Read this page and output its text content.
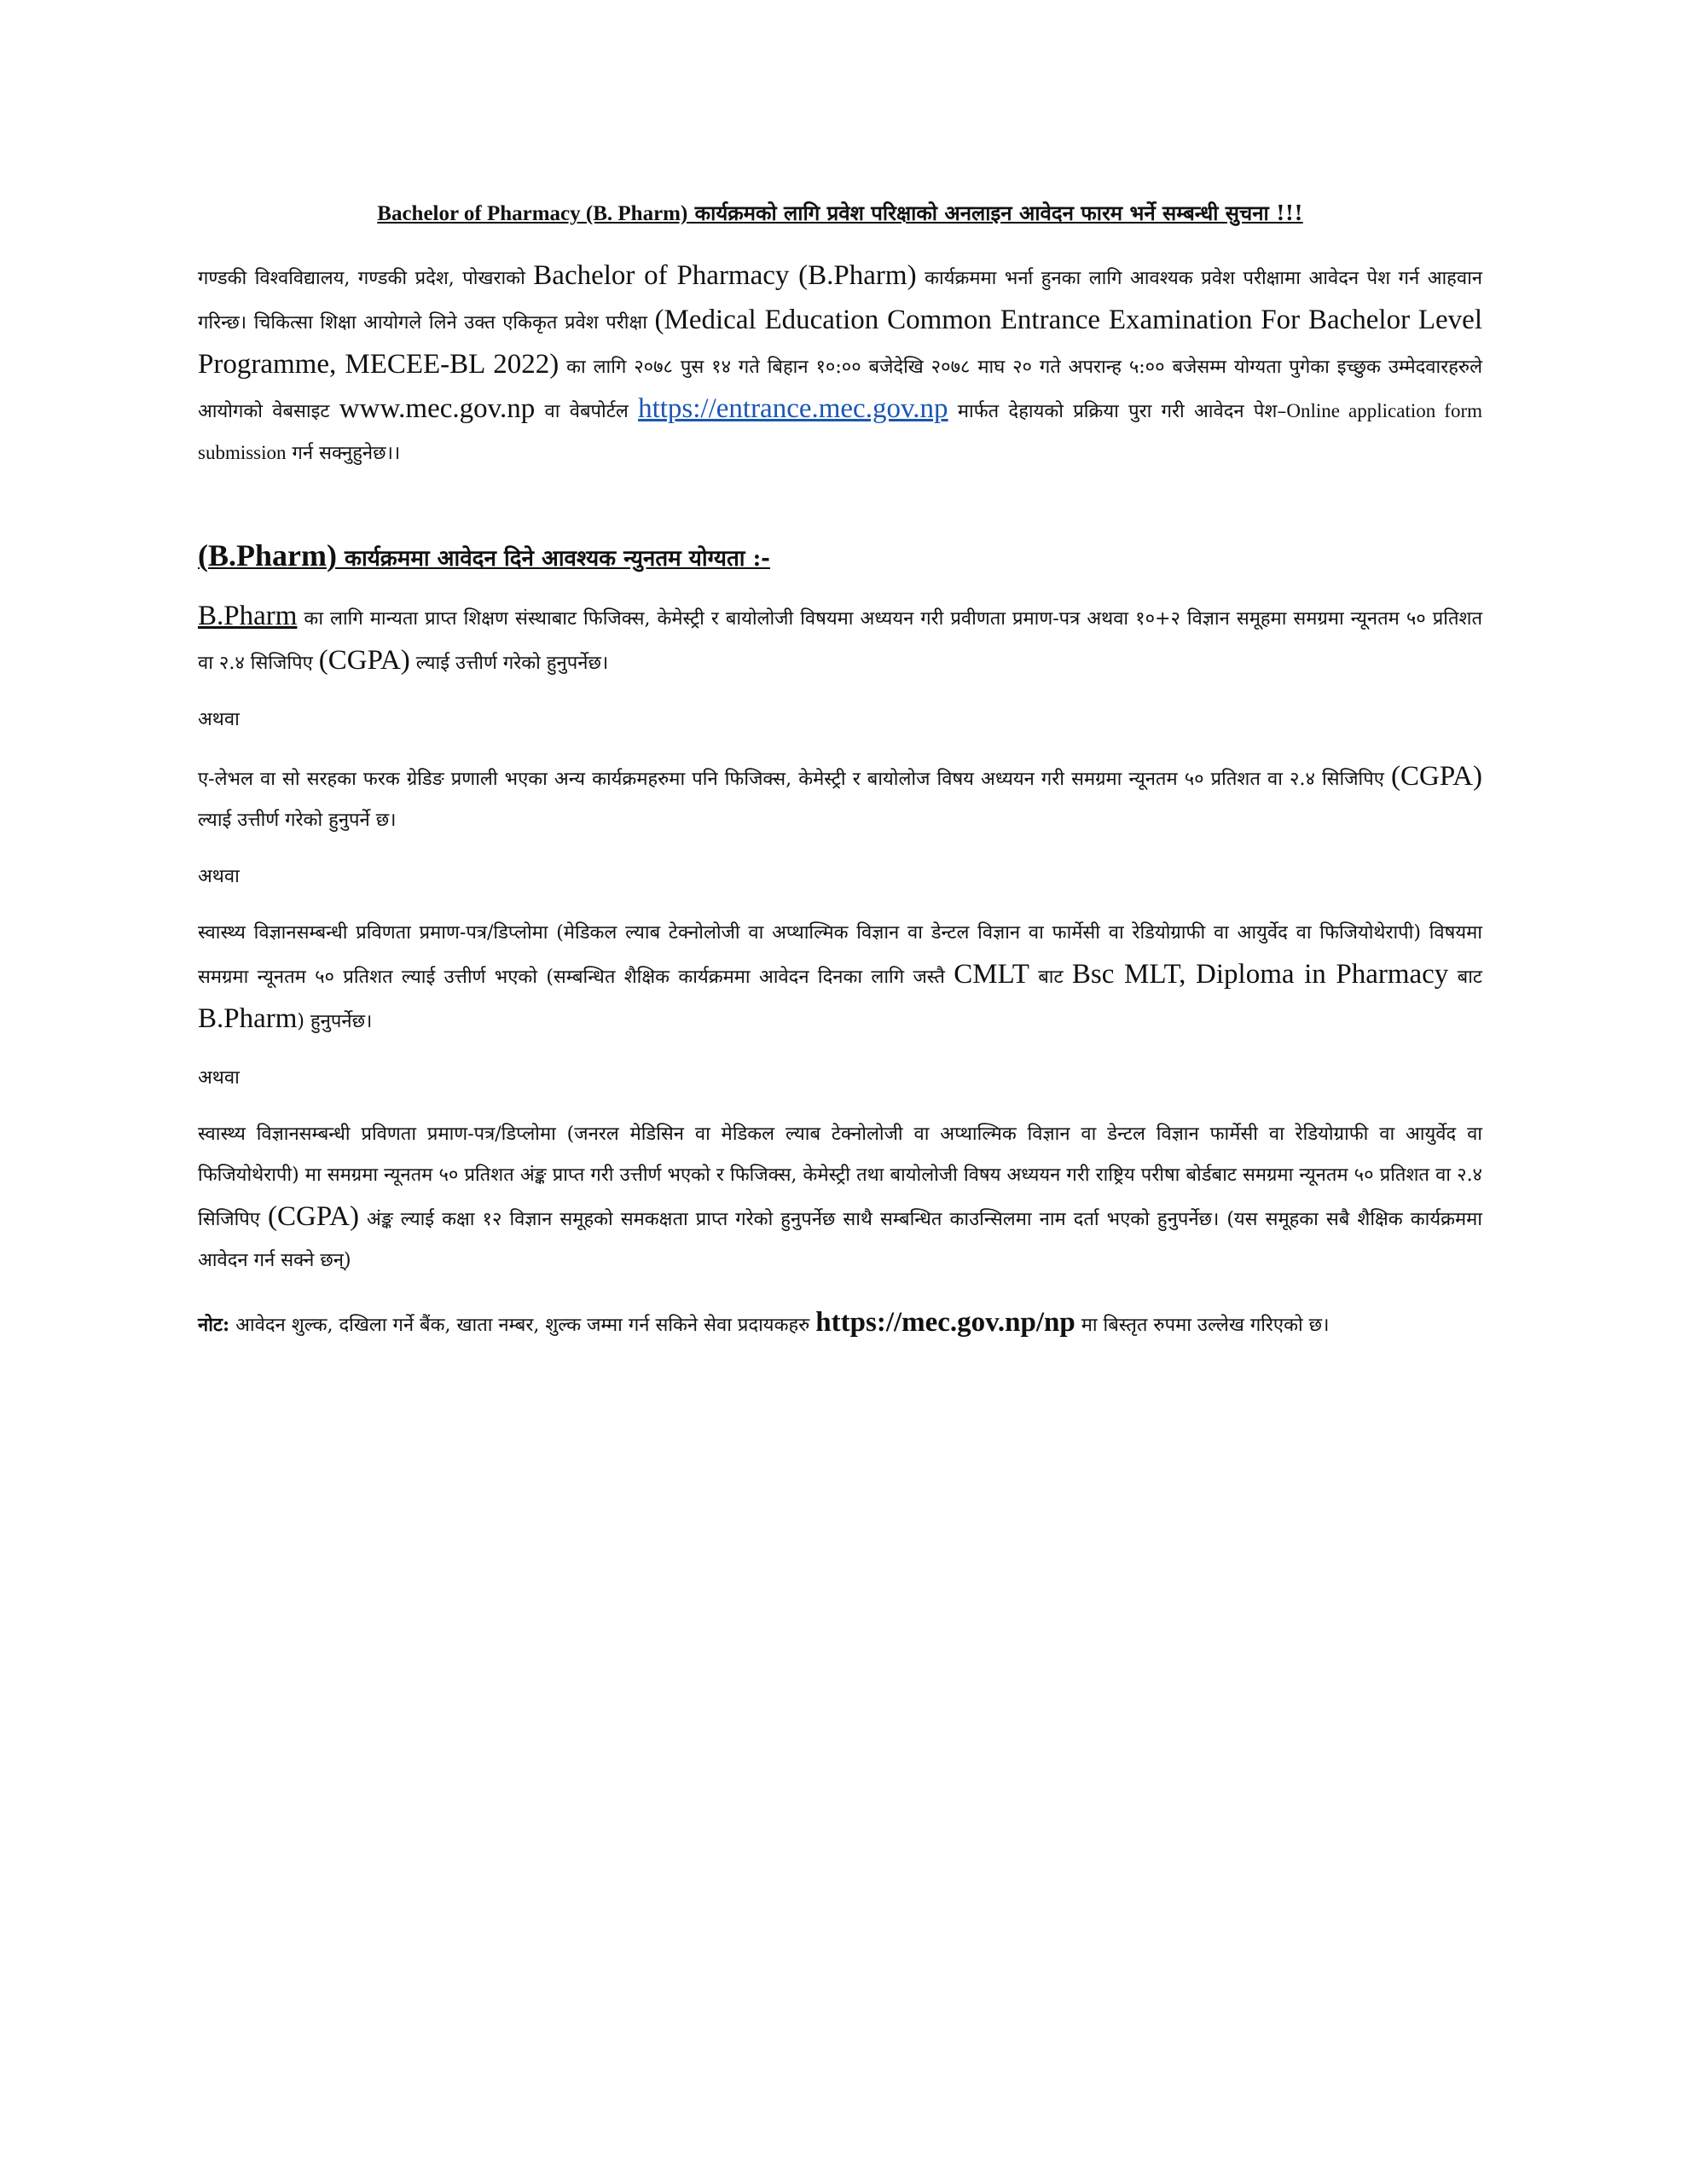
Bachelor of Pharmacy (B. Pharm) कार्यक्रमको लागि प्रवेश परिक्षाको अनलाइन आवेदन फारम भर्ने सम्बन्धी सुचना !!!

गण्डकी विश्वविद्यालय, गण्डकी प्रदेश, पोखराको Bachelor of Pharmacy (B.Pharm) कार्यक्रममा भर्ना हुनका लागि आवश्यक प्रवेश परीक्षामा आवेदन पेश गर्न आहवान गरिन्छ। चिकित्सा शिक्षा आयोगले लिने उक्त एकिकृत प्रवेश परीक्षा (Medical Education Common Entrance Examination For Bachelor Level Programme, MECEE-BL 2022) का लागि २०७८ पुस १४ गते बिहान १०:०० बजेदेखि २०७८ माघ २० गते अपरान्ह ५:०० बजेसम्म योग्यता पुगेका इच्छुक उम्मेदवारहरुले आयोगको वेबसाइट www.mec.gov.np वा वेबपोर्टल https://entrance.mec.gov.np मार्फत देहायको प्रक्रिया पुरा गरी आवेदन पेश–Online application form submission गर्न सक्नुहुनेछ।।

(B.Pharm) कार्यक्रममा आवेदन दिने आवश्यक न्युनतम योग्यता :-

B.Pharm का लागि मान्यता प्राप्त शिक्षण संस्थाबाट फिजिक्स, केमेस्ट्री र बायोलोजी विषयमा अध्ययन गरी प्रवीणता प्रमाण-पत्र अथवा १०+२ विज्ञान समूहमा समग्रमा न्यूनतम ५० प्रतिशत वा २.४ सिजिपिए (CGPA) ल्याई उत्तीर्ण गरेको हुनुपर्नेछ।

अथवा

ए-लेभल वा सो सरहका फरक ग्रेडिङ प्रणाली भएका अन्य कार्यक्रमहरुमा पनि फिजिक्स, केमेस्ट्री र बायोलोज विषय अध्ययन गरी समग्रमा न्यूनतम ५० प्रतिशत वा २.४ सिजिपिए (CGPA) ल्याई उत्तीर्ण गरेको हुनुपर्ने छ।

अथवा

स्वास्थ्य विज्ञानसम्बन्धी प्रविणता प्रमाण-पत्र/डिप्लोमा (मेडिकल ल्याब टेक्नोलोजी वा अप्थाल्मिक विज्ञान वा डेन्टल विज्ञान वा फार्मेसी वा रेडियोग्राफी वा आयुर्वेद वा फिजियोथेरापी) विषयमा समग्रमा न्यूनतम ५० प्रतिशत ल्याई उत्तीर्ण भएको (सम्बन्धित शैक्षिक कार्यक्रममा आवेदन दिनका लागि जस्तै CMLT बाट Bsc MLT, Diploma in Pharmacy बाट B.Pharm) हुनुपर्नेछ।

अथवा

स्वास्थ्य विज्ञानसम्बन्धी प्रविणता प्रमाण-पत्र/डिप्लोमा (जनरल मेडिसिन वा मेडिकल ल्याब टेक्नोलोजी वा अप्थाल्मिक विज्ञान वा डेन्टल विज्ञान फार्मेसी वा रेडियोग्राफी वा आयुर्वेद वा फिजियोथेरापी) मा समग्रमा न्यूनतम ५० प्रतिशत अंङ्क प्राप्त गरी उत्तीर्ण भएको र फिजिक्स, केमेस्ट्री तथा बायोलोजी विषय अध्ययन गरी राष्ट्रिय परीषा बोर्डबाट समग्रमा न्यूनतम ५० प्रतिशत वा २.४ सिजिपिए (CGPA) अंङ्क ल्याई कक्षा १२ विज्ञान समूहको समकक्षता प्राप्त गरेको हुनुपर्नेछ साथै सम्बन्धित काउन्सिलमा नाम दर्ता भएको हुनुपर्नेछ। (यस समूहका सबै शैक्षिक कार्यक्रममा आवेदन गर्न सक्ने छन्)

नोट: आवेदन शुल्क, दखिला गर्ने बैंक, खाता नम्बर, शुल्क जम्मा गर्न सकिने सेवा प्रदायकहरु https://mec.gov.np/np मा बिस्तृत रुपमा उल्लेख गरिएको छ।
